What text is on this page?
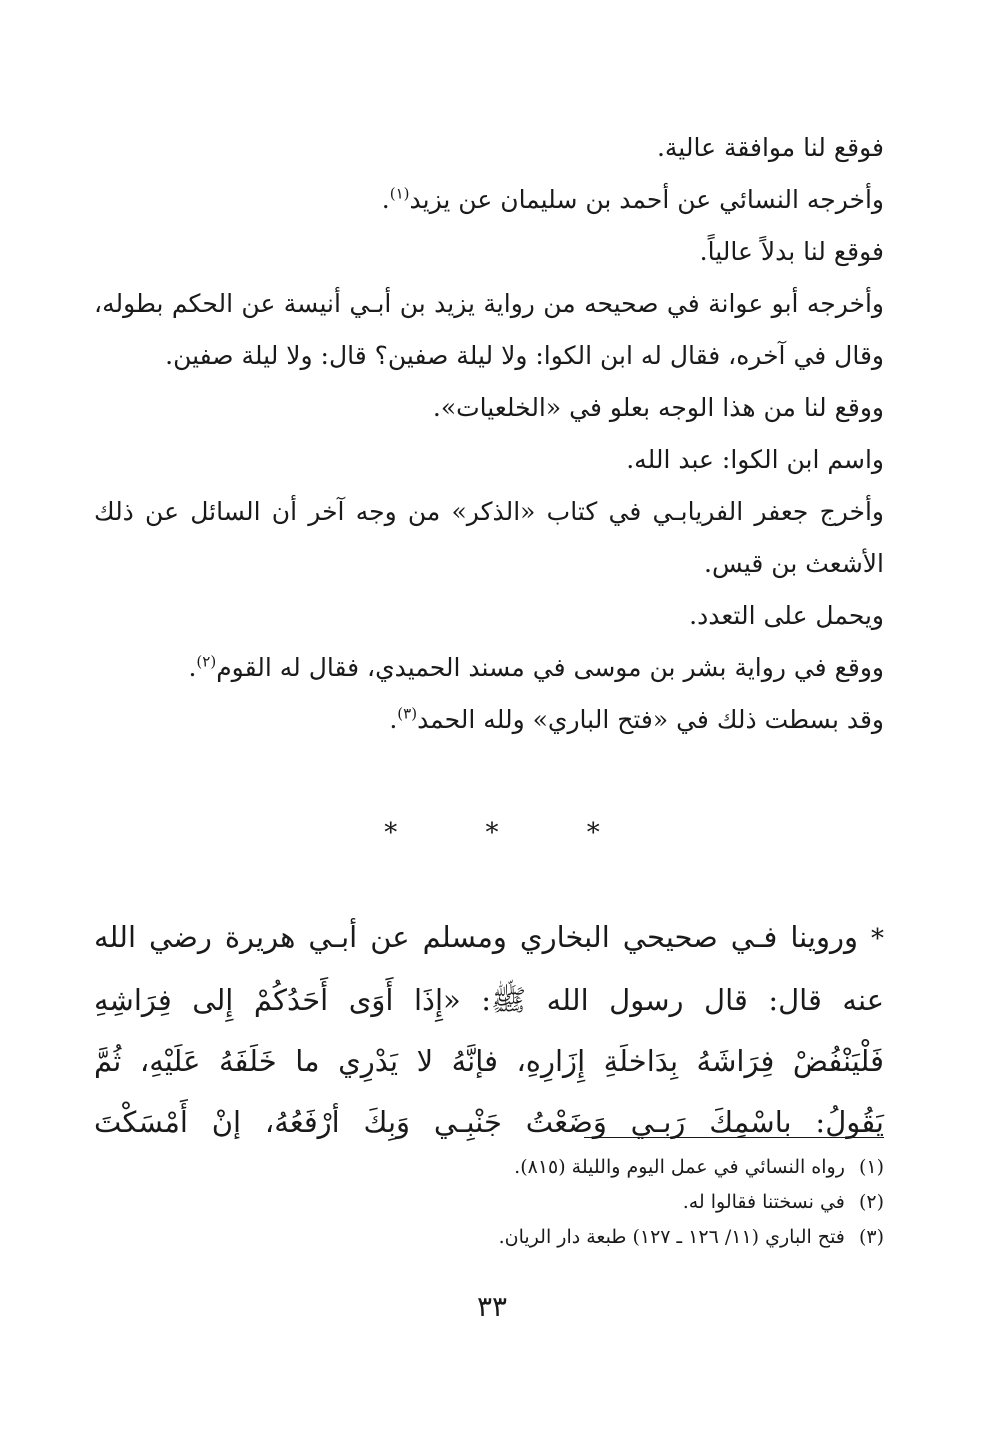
فوقع لنا موافقة عالية.
وأخرجه النسائي عن أحمد بن سليمان عن يزيد$^{(١)}$.
فوقع لنا بدلاً عالياً.
وأخرجه أبو عوانة في صحيحه من رواية يزيد بن أبـي أنيسة عن الحكم بطوله، وقال في آخره، فقال له ابن الكوا: ولا ليلة صفين؟ قال: ولا ليلة صفين.
ووقع لنا من هذا الوجه بعلو في «الخلعيات».
واسم ابن الكوا: عبد الله.
وأخرج جعفر الفريابـي في كتاب «الذكر» من وجه آخر أن السائل عن ذلك الأشعث بن قيس.
ويحمل على التعدد.
ووقع في رواية بشر بن موسى في مسند الحميدي، فقال له القوم$^{(٢)}$.
وقد بسطت ذلك في «فتح الباري» ولله الحمد$^{(٣)}$.
*	*	*
* وروينا فـي صحيحي البخاري ومسلم عن أبـي هريرة رضي الله
عنه قال: قال رسول الله ﷺ: «إِذَا أَوَى أَحَدُكُمْ إِلى فِرَاشِهِ
فَلْيَنْفُضْ فِرَاشَهُ بِدَاخلَةِ إِزَارِهِ، فإنَّهُ لا يَدْرِي ما خَلَفَهُ عَلَيْهِ، ثُمَّ
يَقُولُ: باسْمِكَ رَبـي وَضَعْتُ جَنْبِـي وَبِكَ أرْفَعُهُ، إنْ أَمْسَكْتَ
(١) رواه النسائي في عمل اليوم والليلة (٨١٥).
(٢) في نسختنا فقالوا له.
(٣) فتح الباري (١١/ ١٢٦ ـ ١٢٧) طبعة دار الريان.
٣٣
